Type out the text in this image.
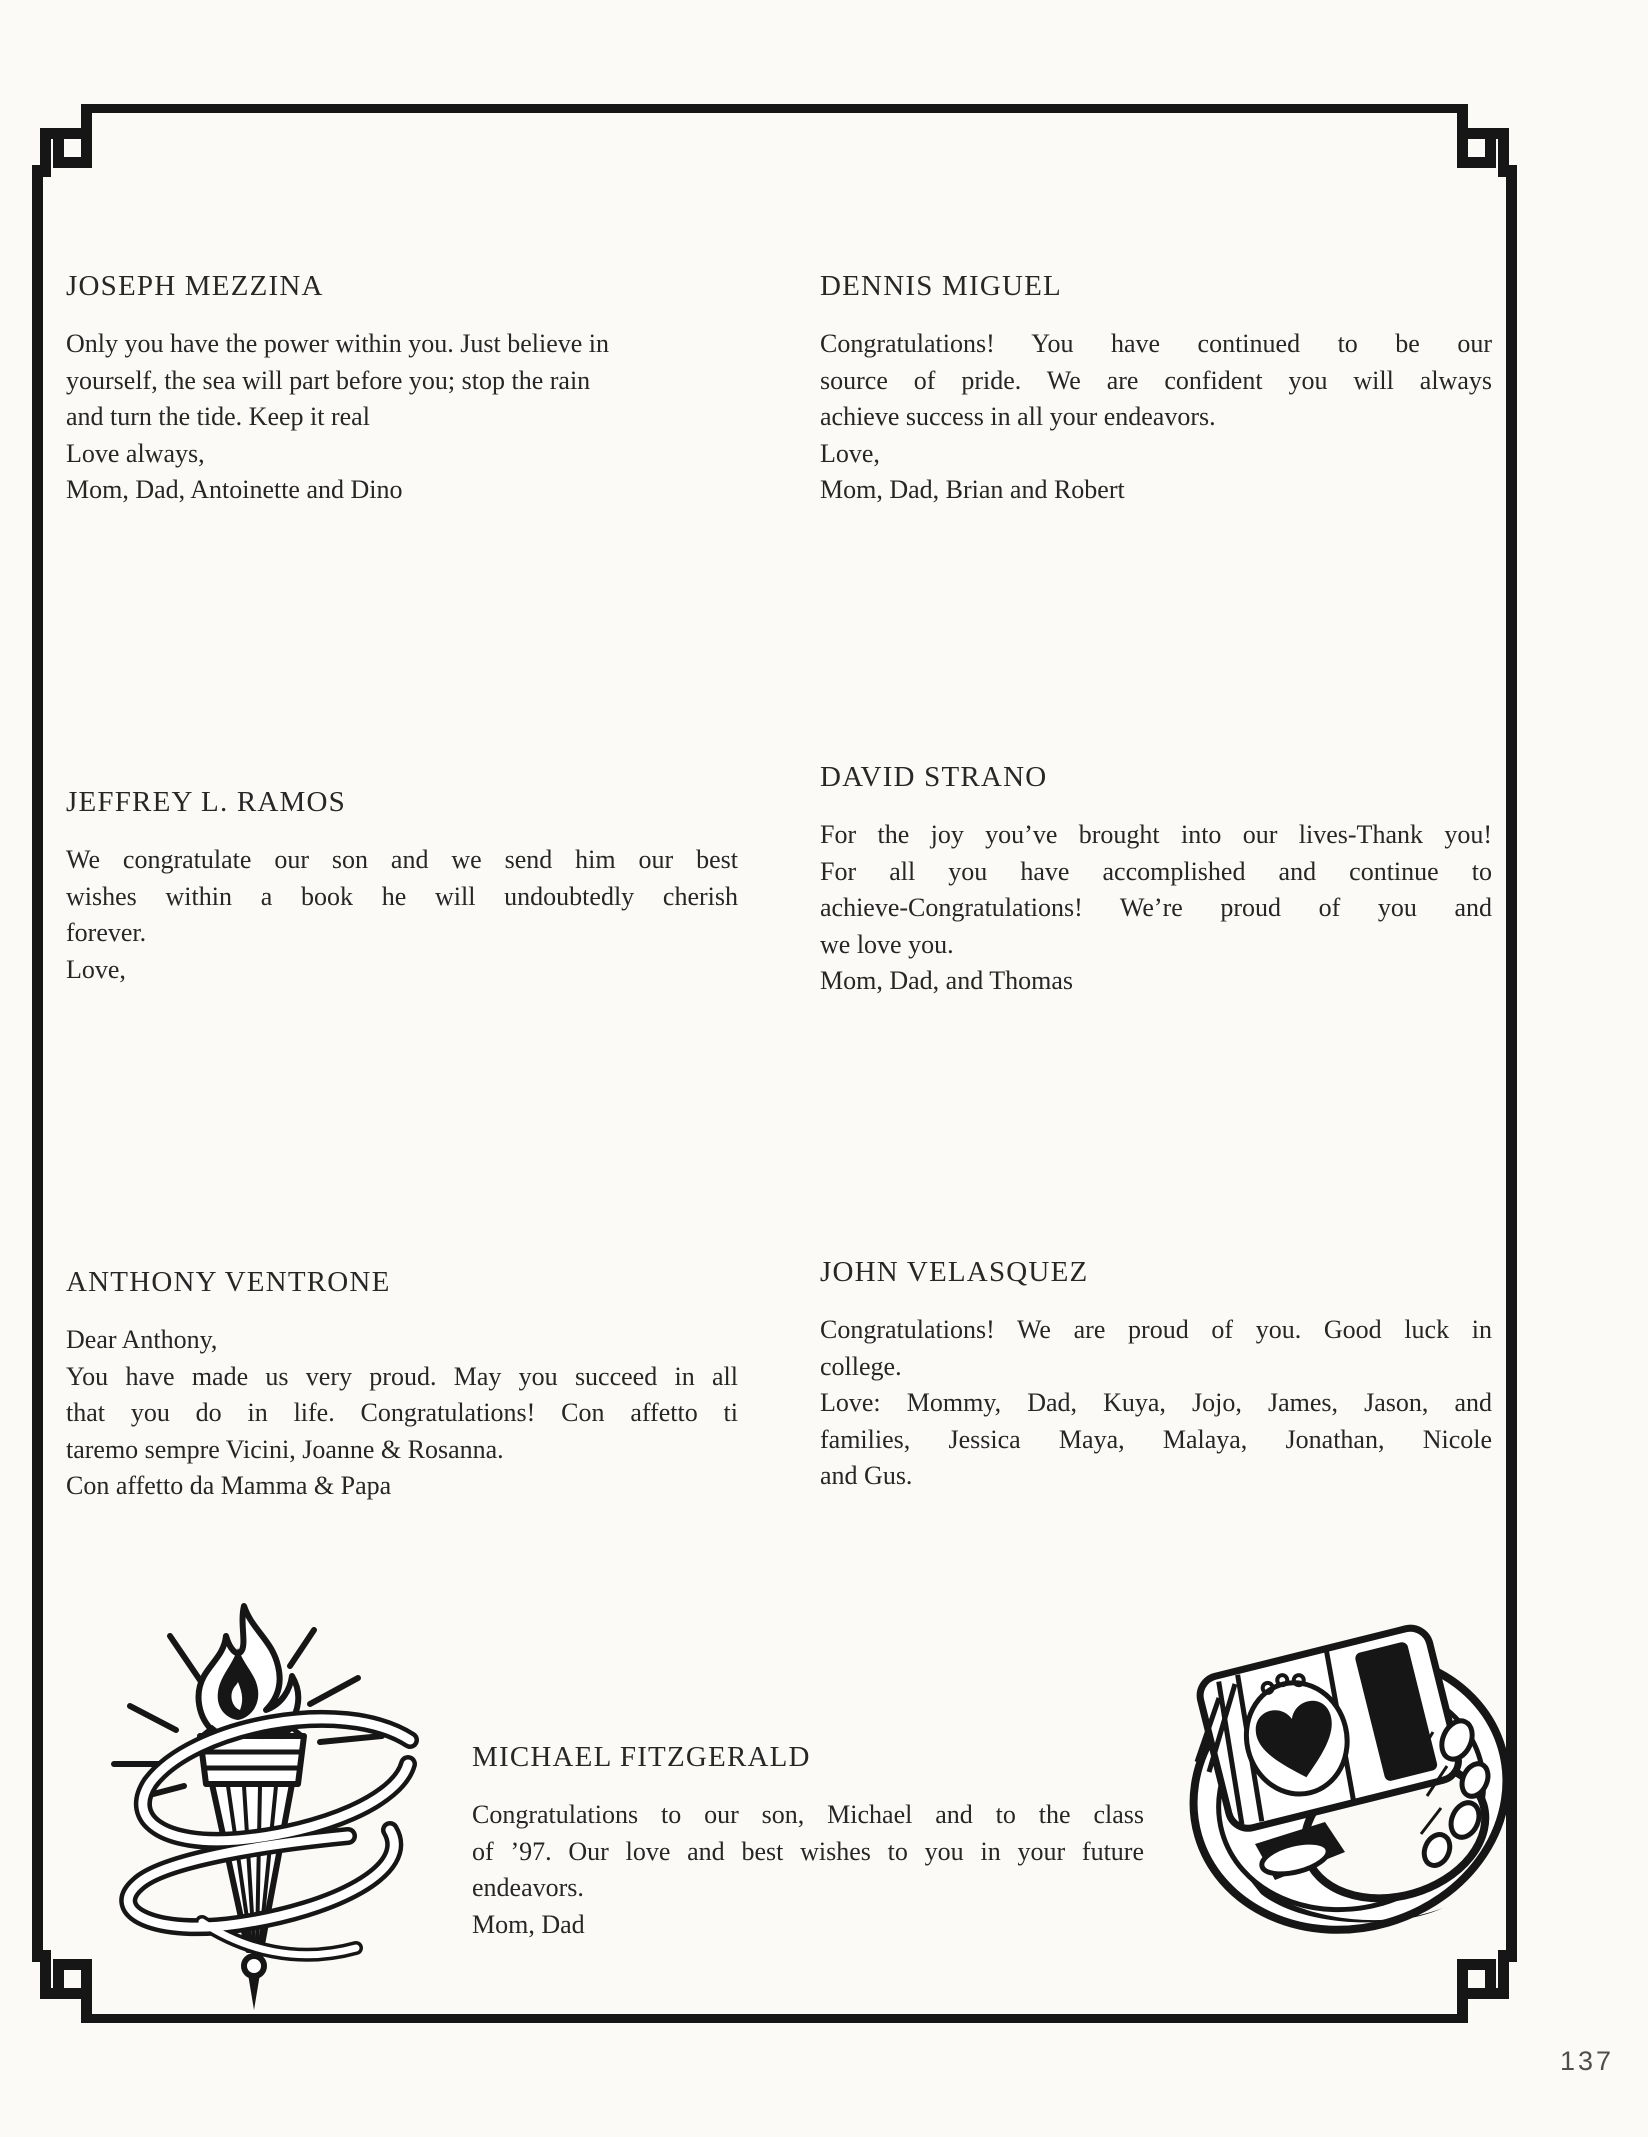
JOSEPH MEZZINA
Only you have the power within you. Just believe in
yourself, the sea will part before you; stop the rain
and turn the tide. Keep it real
Love always,
Mom, Dad, Antoinette and Dino
DENNIS MIGUEL
Congratulations! You have continued to be our
source of pride. We are confident you will always
achieve success in all your endeavors.
Love,
Mom, Dad, Brian and Robert
JEFFREY L. RAMOS
We congratulate our son and we send him our best
wishes within a book he will undoubtedly cherish
forever.
Love,
DAVID STRANO
For the joy you’ve brought into our lives-Thank you!
For all you have accomplished and continue to
achieve-Congratulations! We’re proud of you and
we love you.
Mom, Dad, and Thomas
ANTHONY VENTRONE
Dear Anthony,
You have made us very proud. May you succeed in all
that you do in life. Congratulations! Con affetto ti
taremo sempre Vicini, Joanne & Rosanna.
Con affetto da Mamma & Papa
JOHN VELASQUEZ
Congratulations! We are proud of you. Good luck in
college.
Love: Mommy, Dad, Kuya, Jojo, James, Jason, and
families, Jessica Maya, Malaya, Jonathan, Nicole
and Gus.
MICHAEL FITZGERALD
Congratulations to our son, Michael and to the class
of ’97. Our love and best wishes to you in your future
endeavors.
Mom, Dad
137
